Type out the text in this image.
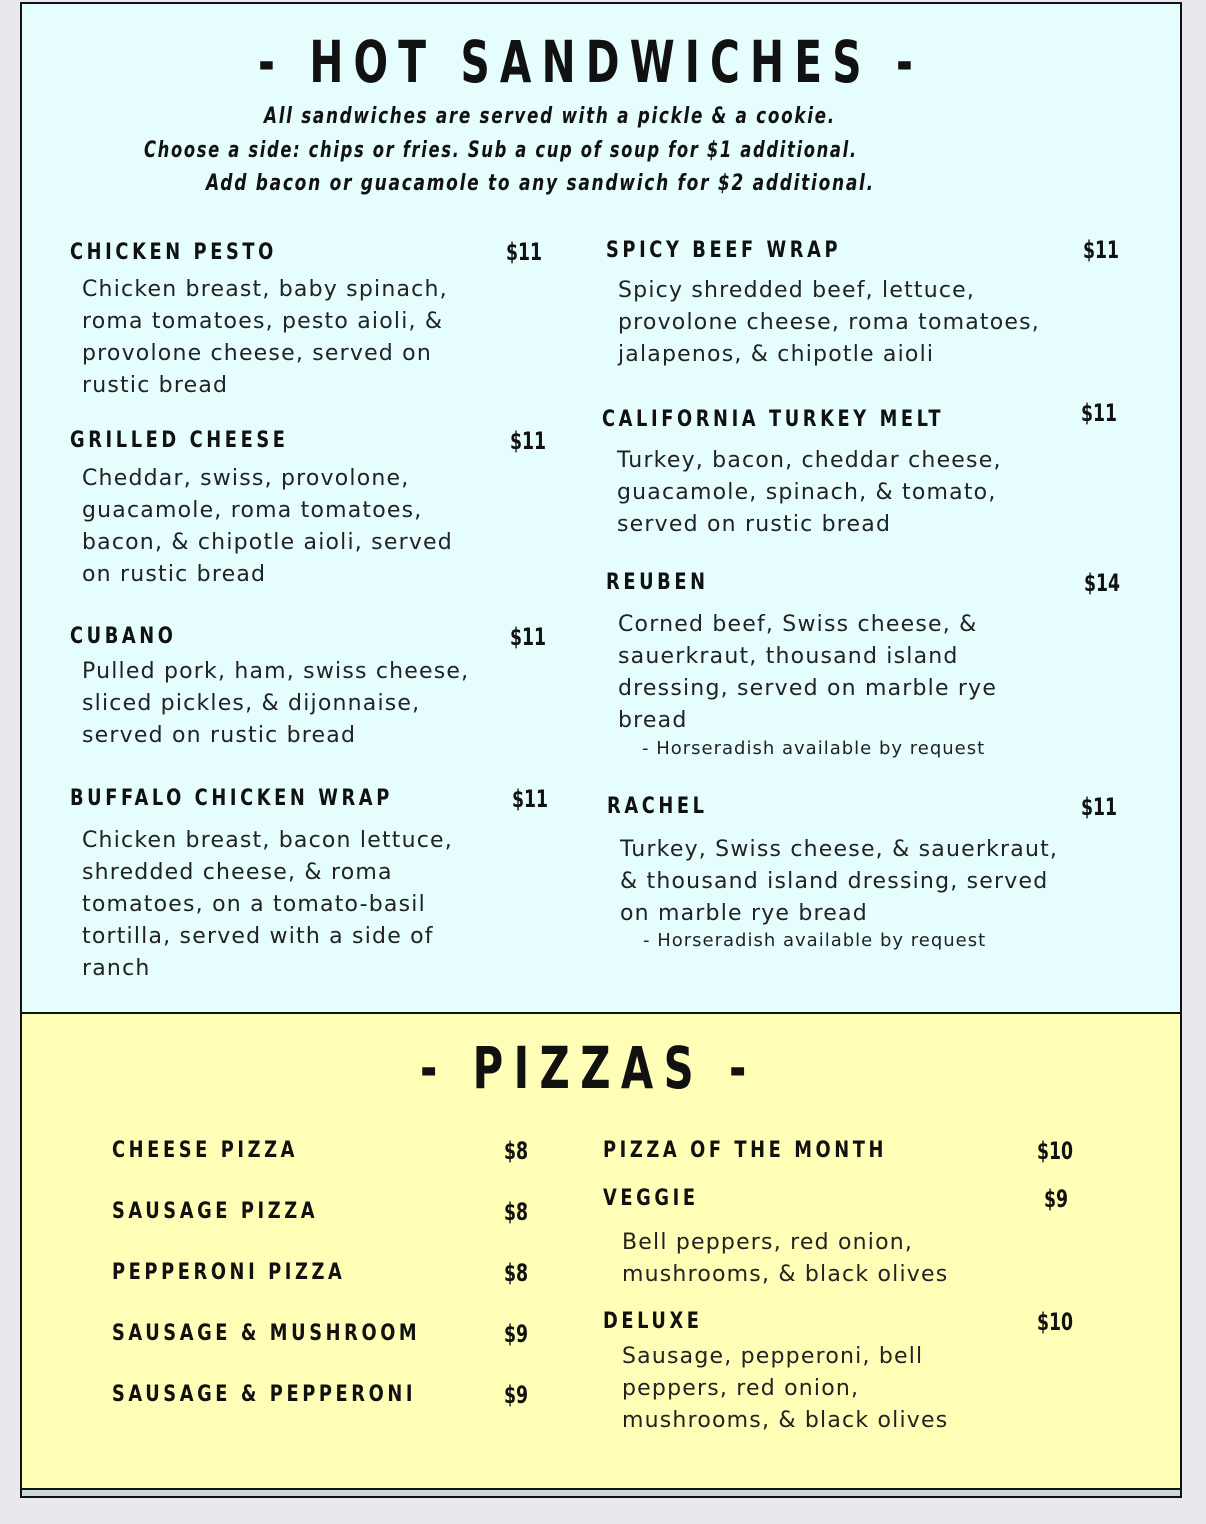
- HOT SANDWICHES -
All sandwiches are served with a pickle & a cookie.
Choose a side: chips or fries. Sub a cup of soup for $1 additional.
Add bacon or guacamole to any sandwich for $2 additional.
CHICKEN PESTO	$11
Chicken breast, baby spinach,
roma tomatoes, pesto aioli, &
provolone cheese, served on
rustic bread
GRILLED CHEESE	$11
Cheddar, swiss, provolone,
guacamole, roma tomatoes,
bacon, & chipotle aioli, served
on rustic bread
CUBANO	$11
Pulled pork, ham, swiss cheese,
sliced pickles, & dijonnaise,
served on rustic bread
BUFFALO CHICKEN WRAP	$11
Chicken breast, bacon lettuce,
shredded cheese, & roma
tomatoes, on a tomato-basil
tortilla, served with a side of
ranch
SPICY BEEF WRAP	$11
Spicy shredded beef, lettuce,
provolone cheese, roma tomatoes,
jalapenos, & chipotle aioli
CALIFORNIA TURKEY MELT	$11
Turkey, bacon, cheddar cheese,
guacamole, spinach, & tomato,
served on rustic bread
REUBEN	$14
Corned beef, Swiss cheese, &
sauerkraut, thousand island
dressing, served on marble rye
bread
- Horseradish available by request
RACHEL	$11
Turkey, Swiss cheese, & sauerkraut,
& thousand island dressing, served
on marble rye bread
- Horseradish available by request
- PIZZAS -
CHEESE PIZZA	$8
SAUSAGE PIZZA	$8
PEPPERONI PIZZA	$8
SAUSAGE & MUSHROOM	$9
SAUSAGE & PEPPERONI	$9
PIZZA OF THE MONTH	$10
VEGGIE	$9
Bell peppers, red onion,
mushrooms, & black olives
DELUXE	$10
Sausage, pepperoni, bell
peppers, red onion,
mushrooms, & black olives
